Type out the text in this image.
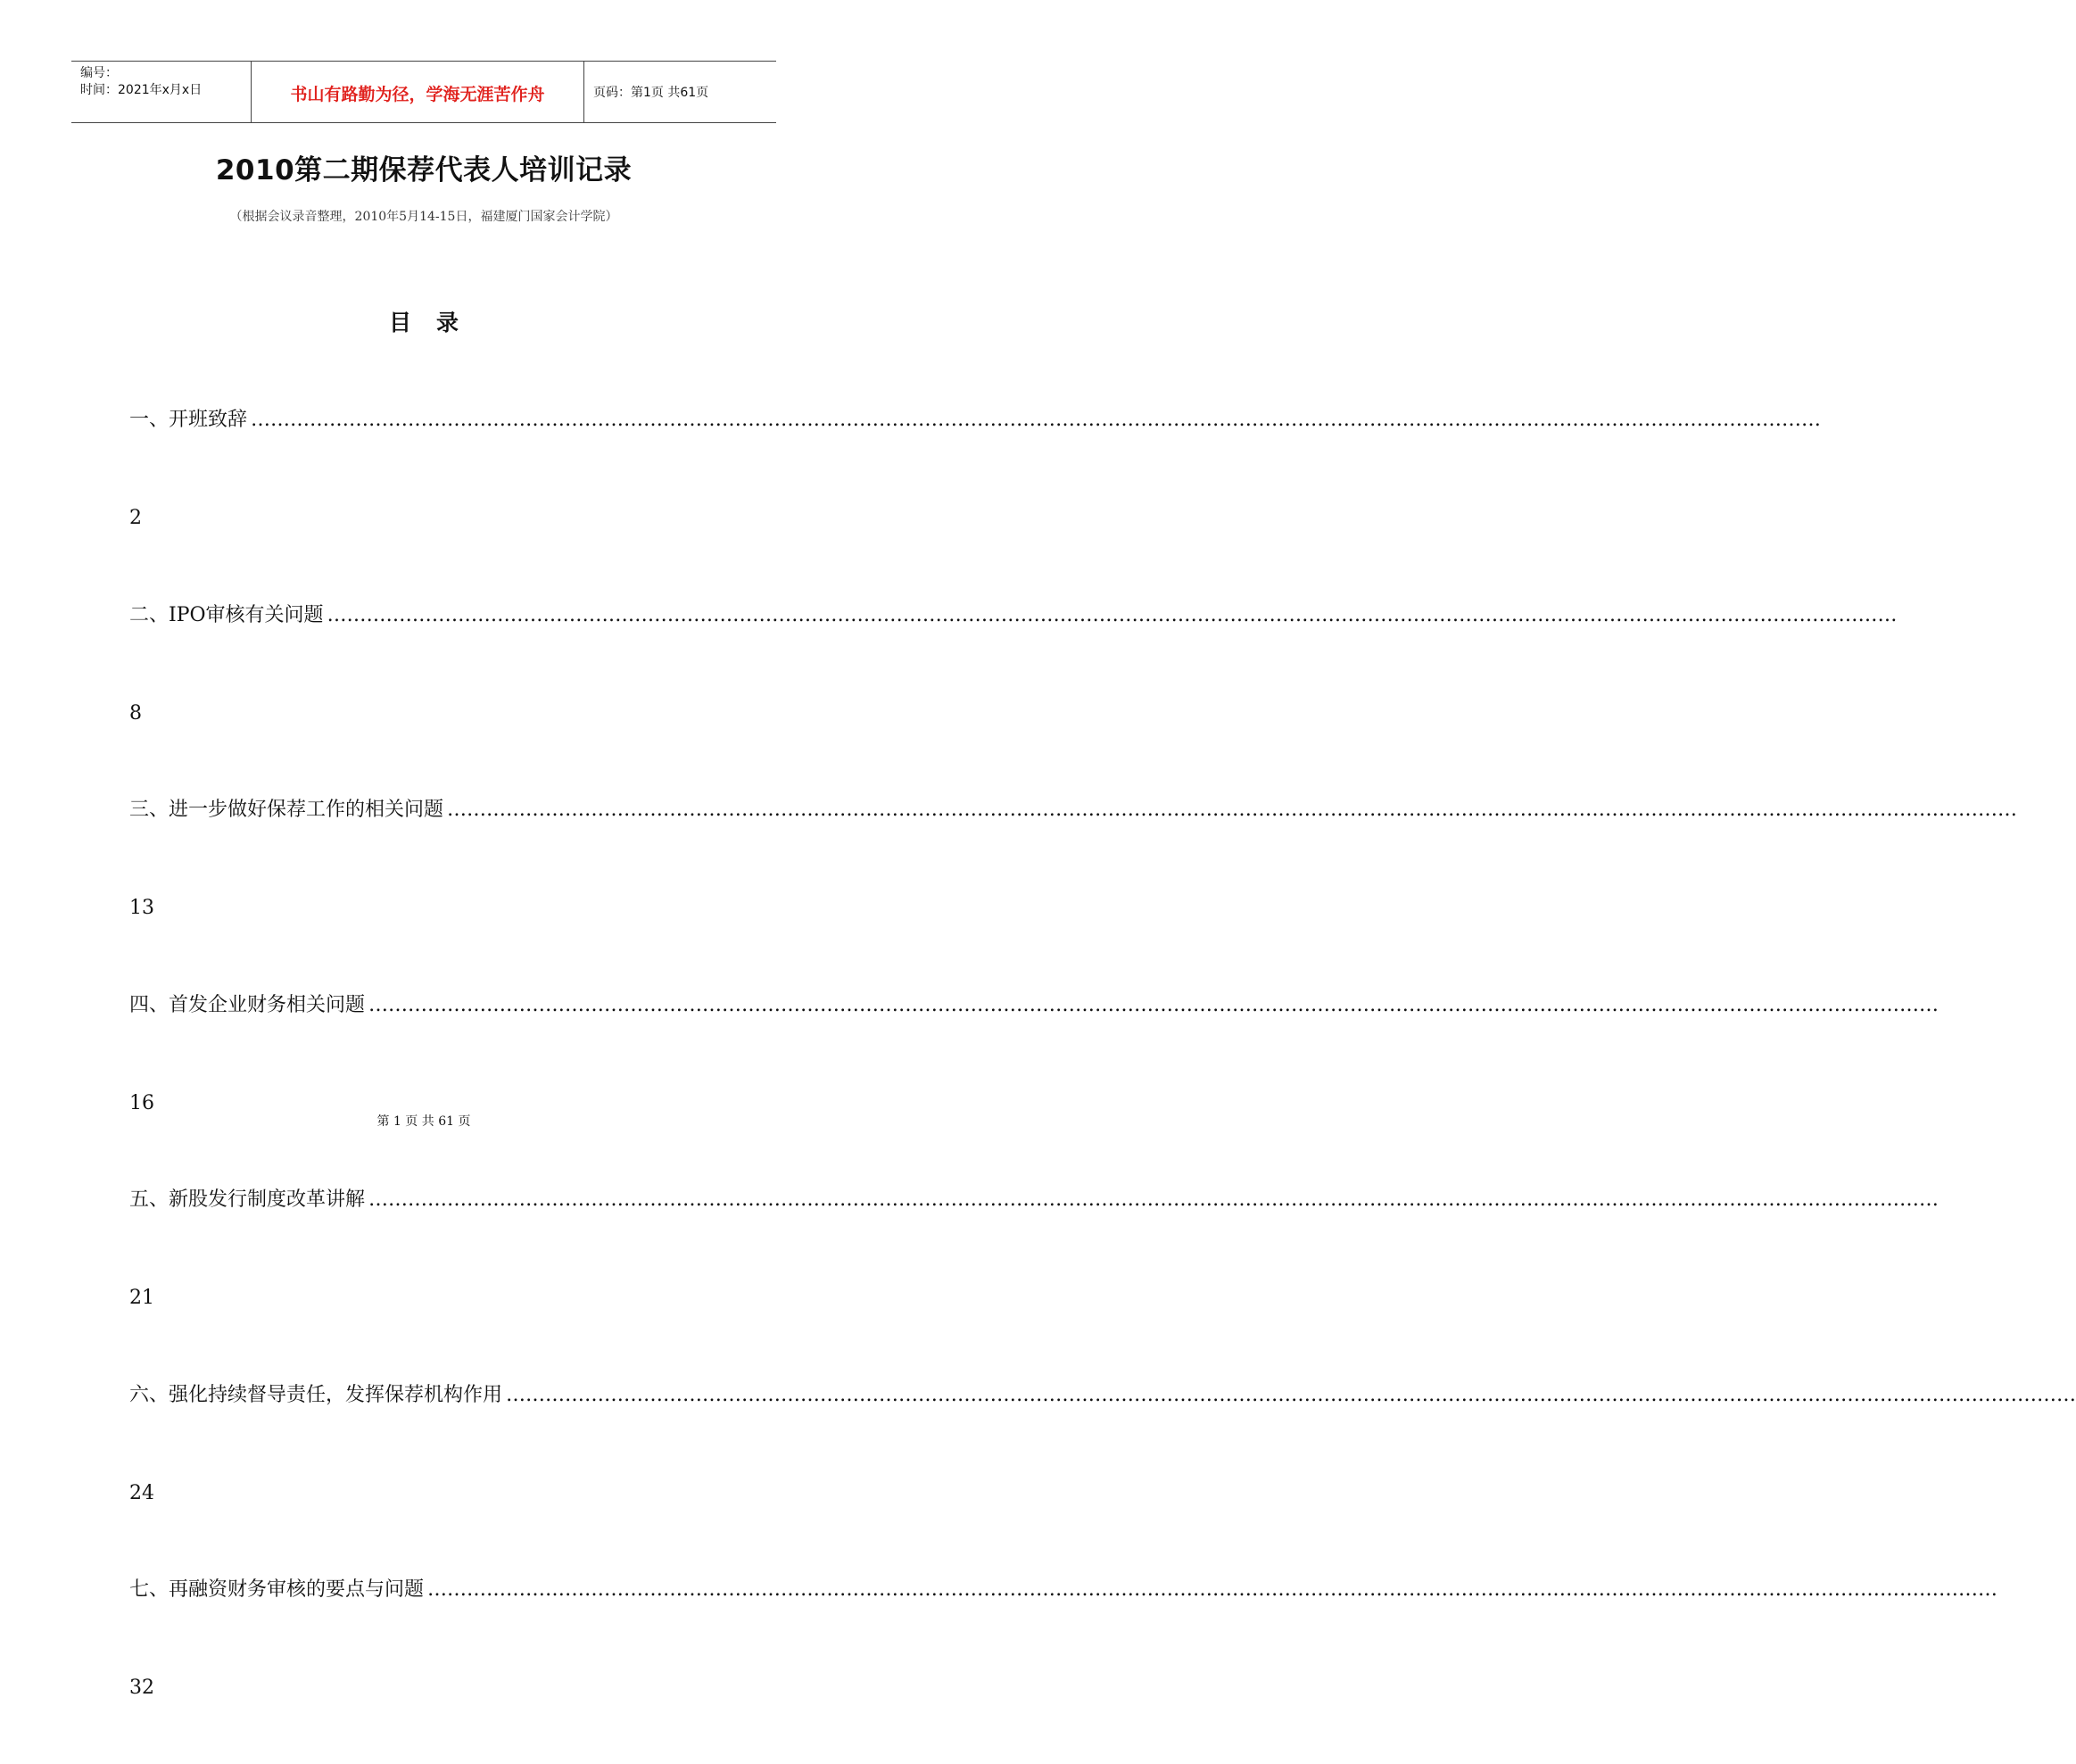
编号：
时间：2021年x月x日	书山有路勤为径，学海无涯苦作舟	页码：第1页 共61页
2010第二期保荐代表人培训记录
（根据会议录音整理，2010年5月14-15日，福建厦门国家会计学院）
目录
一、开班致辞 ……………………………………………………………………………………………………………………………………………………………………………………………………………………
2
二、IPO审核有关问题 ……………………………………………………………………………………………………………………………………………………………………………………………………………………
8
三、进一步做好保荐工作的相关问题 ……………………………………………………………………………………………………………………………………………………………………………………………………………………
13
四、首发企业财务相关问题 ……………………………………………………………………………………………………………………………………………………………………………………………………………………
16
五、新股发行制度改革讲解 ……………………………………………………………………………………………………………………………………………………………………………………………………………………
21
六、强化持续督导责任，发挥保荐机构作用 ……………………………………………………………………………………………………………………………………………………………………………………………………………………
24
七、再融资财务审核的要点与问题 ……………………………………………………………………………………………………………………………………………………………………………………………………………………
32
第 1 页 共 61 页
